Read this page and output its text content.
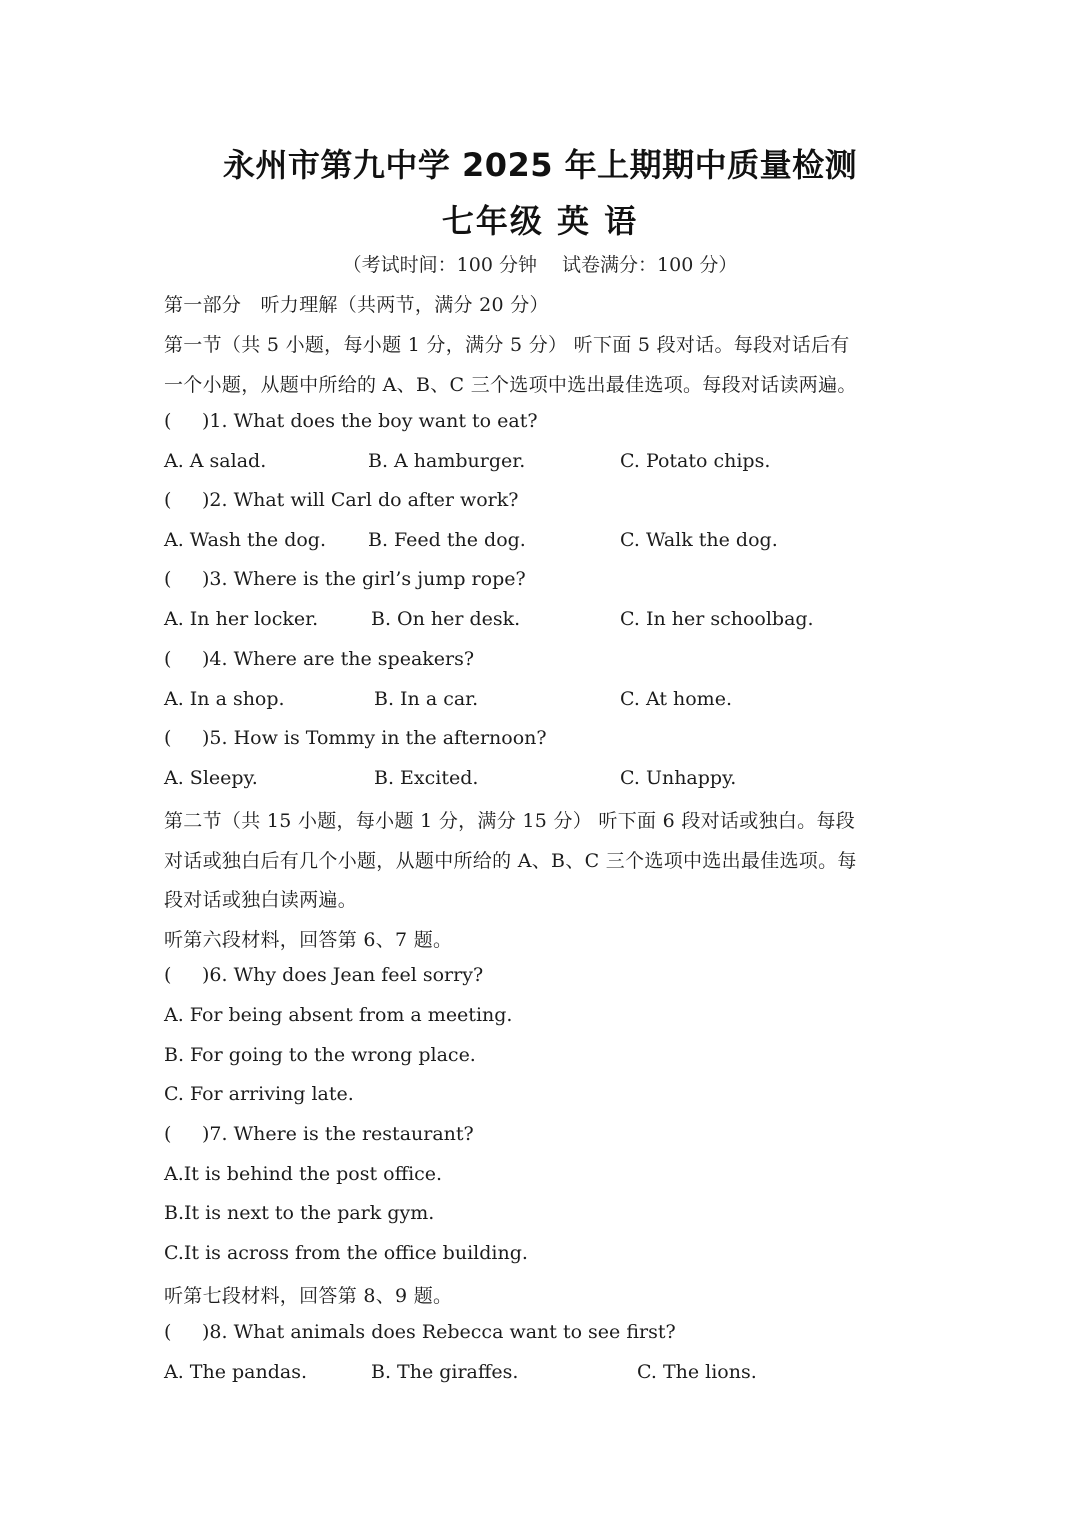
永州市第九中学 2025 年上期期中质量检测
七年级 英 语
（考试时间：100 分钟　 试卷满分：100 分）
第一部分　听力理解（共两节，满分 20 分）
第一节（共 5 小题，每小题 1 分，满分 5 分） 听下面 5 段对话。每段对话后有
一个小题，从题中所给的 A、B、C 三个选项中选出最佳选项。每段对话读两遍。
( )1. What does the boy want to eat?
A. A salad.	B. A hamburger.	C. Potato chips.
( )2. What will Carl do after work?
A. Wash the dog. B. Feed the dog.	C. Walk the dog.
( )3. Where is the girl’s jump rope?
A. In her locker.	B. On her desk.	C. In her schoolbag.
( )4. Where are the speakers?
A. In a shop.	B. In a car.	C. At home.
( )5. How is Tommy in the afternoon?
A. Sleepy.	B. Excited.	C. Unhappy.
第二节（共 15 小题，每小题 1 分，满分 15 分） 听下面 6 段对话或独白。每段
对话或独白后有几个小题，从题中所给的 A、B、C 三个选项中选出最佳选项。每
段对话或独白读两遍。
听第六段材料，回答第 6、7 题。
( )6. Why does Jean feel sorry?
A. For being absent from a meeting.
B. For going to the wrong place.
C. For arriving late.
( )7. Where is the restaurant?
A.It is behind the post office.
B.It is next to the park gym.
C.It is across from the office building.
听第七段材料，回答第 8、9 题。
( )8. What animals does Rebecca want to see first?
A. The pandas.	B. The giraffes.	C. The lions.
